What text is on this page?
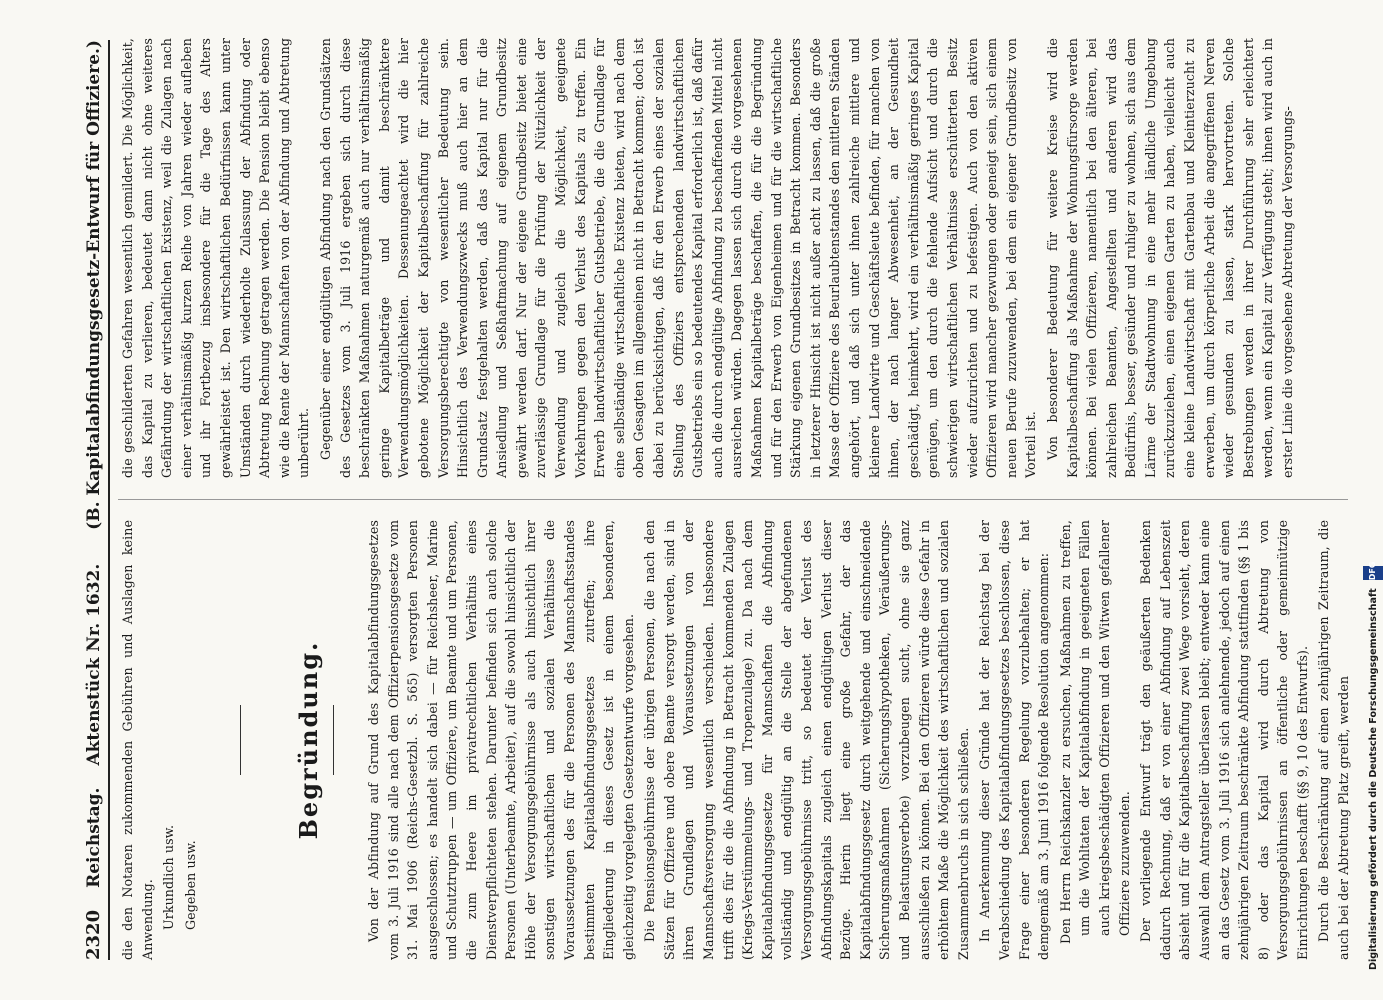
2320
Reichstag.
Aktenstück Nr. 1632.
(B. Kapitalabfindungsgesetz-Entwurf für Offiziere.)

die den Notaren zukommenden Gebühren und Auslagen keine Anwendung. Urkundlich usw. Gegeben usw.

Begründung.	Von der Abfindung auf Grund des Kapitalabfindungsgesetzes vom 3. Juli 1916 sind alle nach dem Offizierpensionsgesetze vom 31. Mai 1906 (Reichs-Gesetzbl. S. 565) versorgten Personen ausgeschlossen; es handelt sich dabei — für Reichsheer, Marine und Schutztruppen — um Offiziere, um Beamte und um Personen, die zum Heere im privatrechtlichen Verhältnis eines Dienstverpflichteten stehen. Darunter befinden sich auch solche Personen (Unterbeamte, Arbeiter), auf die sowohl hinsichtlich der Höhe der Versorgungsgebührnisse als auch hinsichtlich ihrer sonstigen wirtschaftlichen und sozialen Verhältnisse die Voraussetzungen des für die Personen des Mannschaftsstandes bestimmten Kapitalabfindungsgesetzes zutreffen; ihre Eingliederung in dieses Gesetz ist in einem besonderen, gleichzeitig vorgelegten Gesetzentwurfe vorgesehen. Die Pensionsgebührnisse der übrigen Personen, die nach den Sätzen für Offiziere und obere Beamte versorgt werden, sind in ihren Grundlagen und Voraussetzungen von der Mannschaftsversorgung wesentlich verschieden. Insbesondere trifft dies für die die Abfindung in Betracht kommenden Zulagen (Kriegs-Verstümmelungs- und Tropenzulage) zu. Da nach dem Kapitalabfindungsgesetze für Mannschaften die Abfindung vollständig und endgültig an die Stelle der abgefundenen Versorgungsgebührnisse tritt, so bedeutet der Verlust des Abfindungskapitals zugleich einen endgültigen Verlust dieser Bezüge. Hierin liegt eine große Gefahr, der das Kapitalabfindungsgesetz durch weitgehende und einschneidende Sicherungsmaßnahmen (Sicherungshypotheken, Veräußerungs- und Belastungsverbote) vorzubeugen sucht, ohne sie ganz ausschließen zu können. Bei den Offizieren würde diese Gefahr in erhöhtem Maße die Möglichkeit des wirtschaftlichen und sozialen Zusammenbruchs in sich schließen. In Anerkennung dieser Gründe hat der Reichstag bei der Verabschiedung des Kapitalabfindungsgesetzes beschlossen, diese Frage einer besonderen Regelung vorzubehalten; er hat demgemäß am 3. Juni 1916 folgende Resolution angenommen: Den Herrn Reichskanzler zu ersuchen, Maßnahmen zu treffen, um die Wohltaten der Kapitalabfindung in geeigneten Fällen auch kriegsbeschädigten Offizieren und den Witwen gefallener Offiziere zuzuwenden. Der vorliegende Entwurf trägt den geäußerten Bedenken dadurch Rechnung, daß er von einer Abfindung auf Lebenszeit absieht und für die Kapitalbeschaffung zwei Wege vorsieht, deren Auswahl dem Antragsteller überlassen bleibt; entweder kann eine an das Gesetz vom 3. Juli 1916 sich anlehnende, jedoch auf einen zehnjährigen Zeitraum beschränkte Abfindung stattfinden (§§ 1 bis 8) oder das Kapital wird durch Abtretung von Versorgungsgebührnissen an öffentliche oder gemeinnützige Einrichtungen beschafft (§§ 9, 10 des Entwurfs). Durch die Beschränkung auf einen zehnjährigen Zeitraum, die auch bei der Abtretung Platz greift, werden

die geschilderten Gefahren wesentlich gemildert. Die Möglichkeit, das Kapital zu verlieren, bedeutet dann nicht ohne weiteres Gefährdung der wirtschaftlichen Existenz, weil die Zulagen nach einer verhältnismäßig kurzen Reihe von Jahren wieder aufleben und ihr Fortbezug insbesondere für die Tage des Alters gewährleistet ist. Den wirtschaftlichen Bedürfnissen kann unter Umständen durch wiederholte Zulassung der Abfindung oder Abtretung Rechnung getragen werden. Die Pension bleibt ebenso wie die Rente der Mannschaften von der Abfindung und Abtretung unberührt. Gegenüber einer endgültigen Abfindung nach den Grundsätzen des Gesetzes vom 3. Juli 1916 ergeben sich durch diese beschränkten Maßnahmen naturgemäß auch nur verhältnismäßig geringe Kapitalbeträge und damit beschränktere Verwendungsmöglichkeiten. Dessenungeachtet wird die hier gebotene Möglichkeit der Kapitalbeschaffung für zahlreiche Versorgungsberechtigte von wesentlicher Bedeutung sein. Hinsichtlich des Verwendungszwecks muß auch hier an dem Grundsatz festgehalten werden, daß das Kapital nur für die Ansiedlung und Seßhaftmachung auf eigenem Grundbesitz gewährt werden darf. Nur der eigene Grundbesitz bietet eine zuverlässige Grundlage für die Prüfung der Nützlichkeit der Verwendung und zugleich die Möglichkeit, geeignete Vorkehrungen gegen den Verlust des Kapitals zu treffen. Ein Erwerb landwirtschaftlicher Gutsbetriebe, die die Grundlage für eine selbständige wirtschaftliche Existenz bieten, wird nach dem oben Gesagten im allgemeinen nicht in Betracht kommen; doch ist dabei zu berücksichtigen, daß für den Erwerb eines der sozialen Stellung des Offiziers entsprechenden landwirtschaftlichen Gutsbetriebs ein so bedeutendes Kapital erforderlich ist, daß dafür auch die durch endgültige Abfindung zu beschaffenden Mittel nicht ausreichen würden. Dagegen lassen sich durch die vorgesehenen Maßnahmen Kapitalbeträge beschaffen, die für die Begründung und für den Erwerb von Eigenheimen und für die wirtschaftliche Stärkung eigenen Grundbesitzes in Betracht kommen. Besonders in letzterer Hinsicht ist nicht außer acht zu lassen, daß die große Masse der Offiziere des Beurlaubtenstandes den mittleren Ständen angehört, und daß sich unter ihnen zahlreiche mittlere und kleinere Landwirte und Geschäftsleute befinden, für manchen von ihnen, der nach langer Abwesenheit, an der Gesundheit geschädigt, heimkehrt, wird ein verhältnismäßig geringes Kapital genügen, um den durch die fehlende Aufsicht und durch die schwierigen wirtschaftlichen Verhältnisse erschütterten Besitz wieder aufzurichten und zu befestigen. Auch von den aktiven Offizieren wird mancher gezwungen oder geneigt sein, sich einem neuen Berufe zuzuwenden, bei dem ein eigener Grundbesitz von Vorteil ist. Von besonderer Bedeutung für weitere Kreise wird die Kapitalbeschaffung als Maßnahme der Wohnungsfürsorge werden können. Bei vielen Offizieren, namentlich bei den älteren, bei zahlreichen Beamten, Angestellten und anderen wird das Bedürfnis, besser, gesünder und ruhiger zu wohnen, sich aus dem Lärme der Stadtwohnung in eine mehr ländliche Umgebung zurückzuziehen, einen eigenen Garten zu haben, vielleicht auch eine kleine Landwirtschaft mit Gartenbau und Kleintierzucht zu erwerben, um durch körperliche Arbeit die angegriffenen Nerven wieder gesunden zu lassen, stark hervortreten. Solche Bestrebungen werden in ihrer Durchführung sehr erleichtert werden, wenn ein Kapital zur Verfügung steht; ihnen wird auch in erster Linie die vorgesehene Abtretung der Versorgungs-

Digitalisierung gefördert durch die Deutsche Forschungsgemeinschaft
DFG
